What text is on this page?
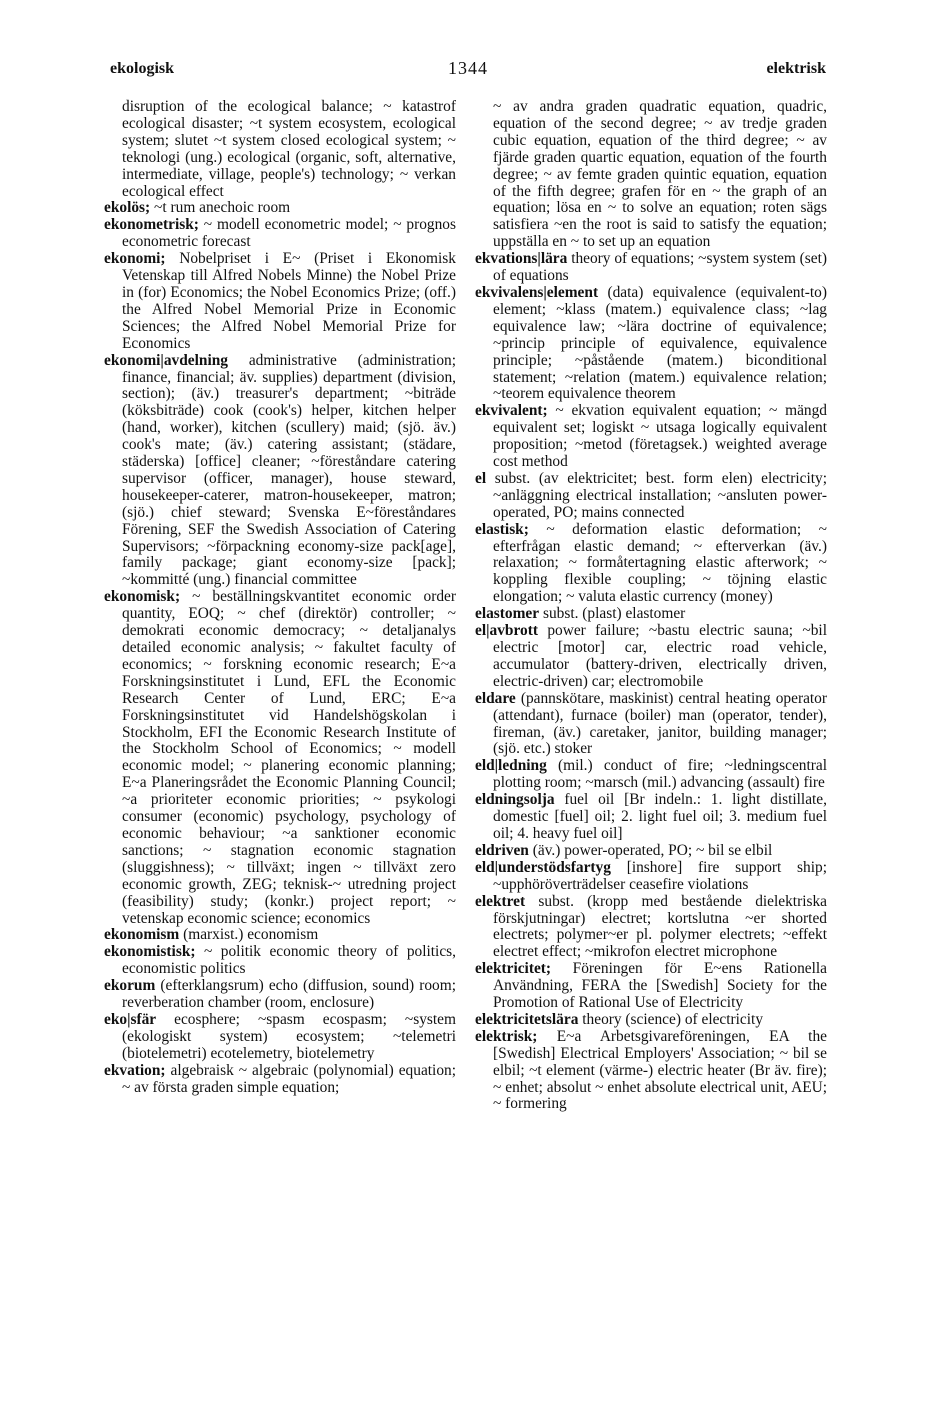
ekologisk	1344	elektrisk

disruption of the ecological balance; ~ katastrof ecological disaster; ~t system ecosystem, ecological system; slutet ~t system closed ecological system; ~ teknologi (ung.) ecological (organic, soft, alternative, intermediate, village, people's) technology; ~ verkan ecological effect

ekolös; ~t rum anechoic room

ekonometrisk; ~ modell econometric model; ~ prognos econometric forecast

ekonomi; Nobelpriset i E~ (Priset i Ekonomisk Vetenskap till Alfred Nobels Minne) the Nobel Prize in (for) Economics; the Nobel Economics Prize; (off.) the Alfred Nobel Memorial Prize in Economic Sciences; the Alfred Nobel Memorial Prize for Economics

ekonomi|avdelning administrative (administration; finance, financial; äv. supplies) department (division, section); (äv.) treasurer's department; ~biträde (köksbiträde) cook (cook's) helper, kitchen helper (hand, worker), kitchen (scullery) maid; (sjö. äv.) cook's mate; (äv.) catering assistant; (städare, städerska) [office] cleaner; ~föreståndare catering supervisor (officer, manager), house steward, housekeeper-caterer, matron-housekeeper, matron; (sjö.) chief steward; Svenska E~föreståndares Förening, SEF the Swedish Association of Catering Supervisors; ~förpackning economy-size pack[age], family package; giant economy-size [pack]; ~kommitté (ung.) financial committee

ekonomisk; ~ beställningskvantitet economic order quantity, EOQ; ~ chef (direktör) controller; ~ demokrati economic democracy; ~ detaljanalys detailed economic analysis; ~ fakultet faculty of economics; ~ forskning economic research; E~a Forskningsinstitutet i Lund, EFL the Economic Research Center of Lund, ERC; E~a Forskningsinstitutet vid Handelshögskolan i Stockholm, EFI the Economic Research Institute of the Stockholm School of Economics; ~ modell economic model; ~ planering economic planning; E~a Planeringsrådet the Economic Planning Council; ~a prioriteter economic priorities; ~ psykologi consumer (economic) psychology, psychology of economic behaviour; ~a sanktioner economic sanctions; ~ stagnation economic stagnation (sluggishness); ~ tillväxt; ingen ~ tillväxt zero economic growth, ZEG; teknisk-~ utredning project (feasibility) study; (konkr.) project report; ~ vetenskap economic science; economics

ekonomism (marxist.) economism

ekonomistisk; ~ politik economic theory of politics, economistic politics

ekorum (efterklangsrum) echo (diffusion, sound) room; reverberation chamber (room, enclosure)

eko|sfär ecosphere; ~spasm ecospasm; ~system (ekologiskt system) ecosystem; ~telemetri (biotelemetri) ecotelemetry, biotelemetry

ekvation; algebraisk ~ algebraic (polynomial) equation; ~ av första graden simple equation;

~ av andra graden quadratic equation, quadric, equation of the second degree; ~ av tredje graden cubic equation, equation of the third degree; ~ av fjärde graden quartic equation, equation of the fourth degree; ~ av femte graden quintic equation, equation of the fifth degree; grafen för en ~ the graph of an equation; lösa en ~ to solve an equation; roten sägs satisfiera ~en the root is said to satisfy the equation; uppställa en ~ to set up an equation

ekvations|lära theory of equations; ~system system (set) of equations

ekvivalens|element (data) equivalence (equivalent-to) element; ~klass (matem.) equivalence class; ~lag equivalence law; ~lära doctrine of equivalence; ~princip principle of equivalence, equivalence principle; ~påstående (matem.) biconditional statement; ~relation (matem.) equivalence relation; ~teorem equivalence theorem

ekvivalent; ~ ekvation equivalent equation; ~ mängd equivalent set; logiskt ~ utsaga logically equivalent proposition; ~metod (företagsek.) weighted average cost method

el subst. (av elektricitet; best. form elen) electricity; ~anläggning electrical installation; ~ansluten power-operated, PO; mains connected

elastisk; ~ deformation elastic deformation; ~ efterfrågan elastic demand; ~ efterverkan (äv.) relaxation; ~ formåtertagning elastic afterwork; ~ koppling flexible coupling; ~ töjning elastic elongation; ~ valuta elastic currency (money)

elastomer subst. (plast) elastomer

el|avbrott power failure; ~bastu electric sauna; ~bil electric [motor] car, electric road vehicle, accumulator (battery-driven, electrically driven, electric-driven) car; electromobile

eldare (pannskötare, maskinist) central heating operator (attendant), furnace (boiler) man (operator, tender), fireman, (äv.) caretaker, janitor, building manager; (sjö. etc.) stoker

eld|ledning (mil.) conduct of fire; ~ledningscentral plotting room; ~marsch (mil.) advancing (assault) fire

eldningsolja fuel oil [Br indeln.: 1. light distillate, domestic [fuel] oil; 2. light fuel oil; 3. medium fuel oil; 4. heavy fuel oil]

eldriven (äv.) power-operated, PO; ~ bil se elbil

eld|understödsfartyg [inshore] fire support ship; ~upphöröverträdelser ceasefire violations

elektret subst. (kropp med bestående dielektriska förskjutningar) electret; kortslutna ~er shorted electrets; polymer~er pl. polymer electrets; ~effekt electret effect; ~mikrofon electret microphone

elektricitet; Föreningen för E~ens Rationella Användning, FERA the [Swedish] Society for the Promotion of Rational Use of Electricity

elektricitetslära theory (science) of electricity

elektrisk; E~a Arbetsgivareföreningen, EA the [Swedish] Electrical Employers' Association; ~ bil se elbil; ~t element (värme-) electric heater (Br äv. fire); ~ enhet; absolut ~ enhet absolute electrical unit, AEU; ~ formering
